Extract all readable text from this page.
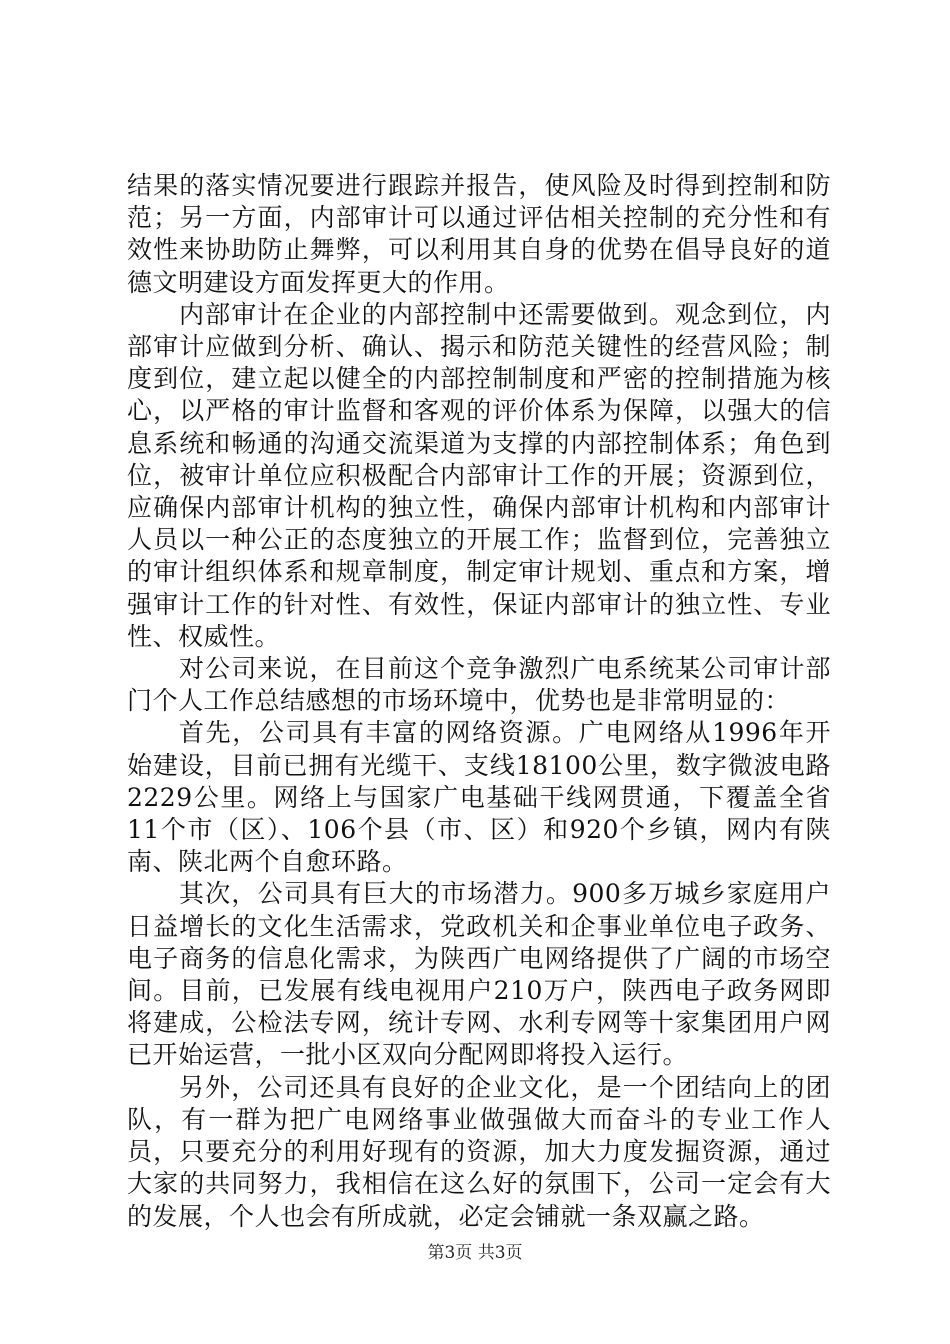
结果的落实情况要进行跟踪并报告，使风险及时得到控制和防范；另一方面，内部审计可以通过评估相关控制的充分性和有效性来协助防止舞弊，可以利用其自身的优势在倡导良好的道德文明建设方面发挥更大的作用。

内部审计在企业的内部控制中还需要做到。观念到位，内部审计应做到分析、确认、揭示和防范关键性的经营风险；制度到位，建立起以健全的内部控制制度和严密的控制措施为核心，以严格的审计监督和客观的评价体系为保障，以强大的信息系统和畅通的沟通交流渠道为支撑的内部控制体系；角色到位，被审计单位应积极配合内部审计工作的开展；资源到位，应确保内部审计机构的独立性，确保内部审计机构和内部审计人员以一种公正的态度独立的开展工作；监督到位，完善独立的审计组织体系和规章制度，制定审计规划、重点和方案，增强审计工作的针对性、有效性，保证内部审计的独立性、专业性、权威性。

对公司来说，在目前这个竞争激烈广电系统某公司审计部门个人工作总结感想的市场环境中，优势也是非常明显的：

首先，公司具有丰富的网络资源。广电网络从1996年开始建设，目前已拥有光缆干、支线18100公里，数字微波电路2229公里。网络上与国家广电基础干线网贯通，下覆盖全省11个市（区）、106个县（市、区）和920个乡镇，网内有陕南、陕北两个自愈环路。

其次，公司具有巨大的市场潜力。900多万城乡家庭用户日益增长的文化生活需求，党政机关和企事业单位电子政务、电子商务的信息化需求，为陕西广电网络提供了广阔的市场空间。目前，已发展有线电视用户210万户，陕西电子政务网即将建成，公检法专网，统计专网、水利专网等十家集团用户网已开始运营，一批小区双向分配网即将投入运行。

另外，公司还具有良好的企业文化，是一个团结向上的团队，有一群为把广电网络事业做强做大而奋斗的专业工作人员，只要充分的利用好现有的资源，加大力度发掘资源，通过大家的共同努力，我相信在这么好的氛围下，公司一定会有大的发展，个人也会有所成就，必定会铺就一条双赢之路。

第3页 共3页
